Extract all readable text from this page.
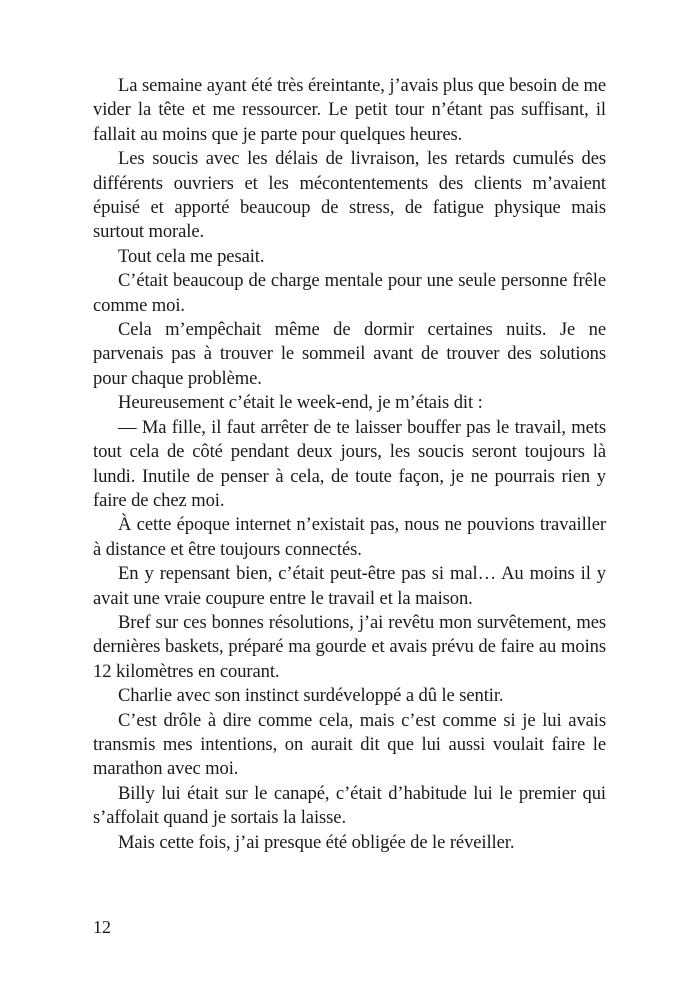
La semaine ayant été très éreintante, j’avais plus que besoin de me vider la tête et me ressourcer. Le petit tour n’étant pas suffisant, il fallait au moins que je parte pour quelques heures.

Les soucis avec les délais de livraison, les retards cumulés des différents ouvriers et les mécontentements des clients m’avaient épuisé et apporté beaucoup de stress, de fatigue physique mais surtout morale.

Tout cela me pesait.

C’était beaucoup de charge mentale pour une seule personne frêle comme moi.

Cela m’empêchait même de dormir certaines nuits. Je ne parvenais pas à trouver le sommeil avant de trouver des solutions pour chaque problème.

Heureusement c’était le week-end, je m’étais dit :

— Ma fille, il faut arrêter de te laisser bouffer pas le travail, mets tout cela de côté pendant deux jours, les soucis seront toujours là lundi. Inutile de penser à cela, de toute façon, je ne pourrais rien y faire de chez moi.

À cette époque internet n’existait pas, nous ne pouvions travailler à distance et être toujours connectés.

En y repensant bien, c’était peut-être pas si mal… Au moins il y avait une vraie coupure entre le travail et la maison.

Bref sur ces bonnes résolutions, j’ai revêtu mon survêtement, mes dernières baskets, préparé ma gourde et avais prévu de faire au moins 12 kilomètres en courant.

Charlie avec son instinct surdéveloppé a dû le sentir.

C’est drôle à dire comme cela, mais c’est comme si je lui avais transmis mes intentions, on aurait dit que lui aussi voulait faire le marathon avec moi.

Billy lui était sur le canapé, c’était d’habitude lui le premier qui s’affolait quand je sortais la laisse.

Mais cette fois, j’ai presque été obligée de le réveiller.

12
